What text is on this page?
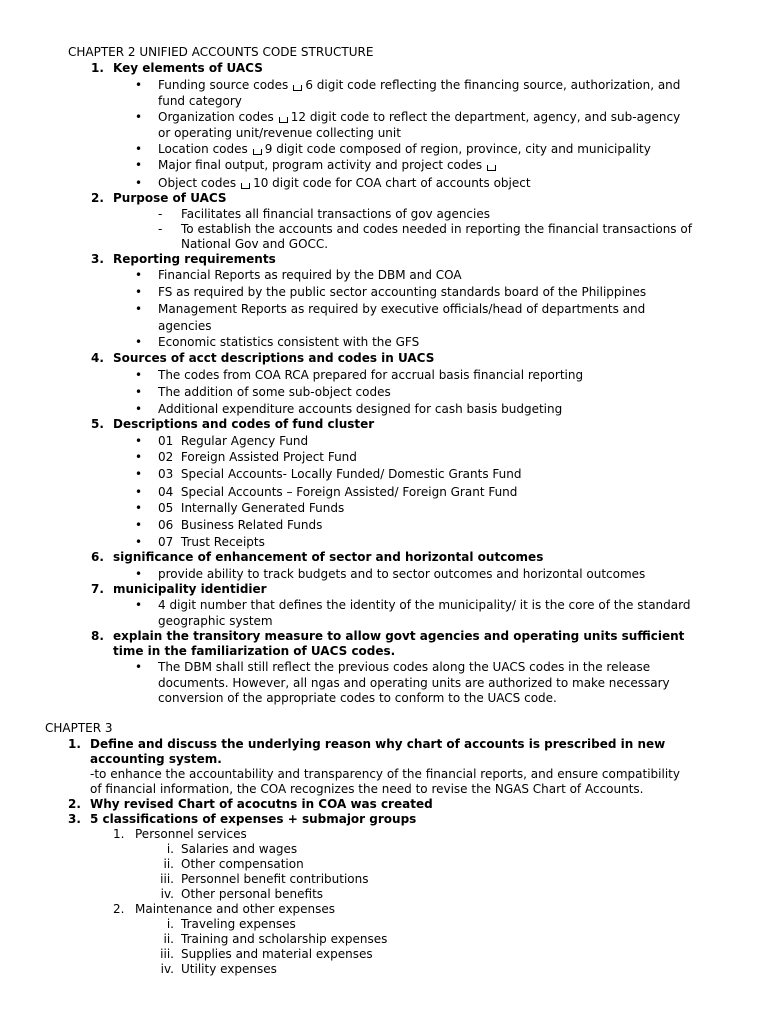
CHAPTER 2 UNIFIED ACCOUNTS CODE STRUCTURE
1. Key elements of UACS
• Funding source codes 6 digit code reflecting the financing source, authorization, and
fund category
• Organization codes 12 digit code to reflect the department, agency, and sub-agency
or operating unit/revenue collecting unit
• Location codes 9 digit code composed of region, province, city and municipality
• Major final output, program activity and project codes
• Object codes 10 digit code for COA chart of accounts object
2. Purpose of UACS
- Facilitates all financial transactions of gov agencies
- To establish the accounts and codes needed in reporting the financial transactions of
National Gov and GOCC.
3. Reporting requirements
• Financial Reports as required by the DBM and COA
• FS as required by the public sector accounting standards board of the Philippines
• Management Reports as required by executive officials/head of departments and
agencies
• Economic statistics consistent with the GFS
4. Sources of acct descriptions and codes in UACS
• The codes from COA RCA prepared for accrual basis financial reporting
• The addition of some sub-object codes
• Additional expenditure accounts designed for cash basis budgeting
5. Descriptions and codes of fund cluster
• 01  Regular Agency Fund
• 02  Foreign Assisted Project Fund
• 03  Special Accounts- Locally Funded/ Domestic Grants Fund
• 04  Special Accounts – Foreign Assisted/ Foreign Grant Fund
• 05  Internally Generated Funds
• 06  Business Related Funds
• 07  Trust Receipts
6. significance of enhancement of sector and horizontal outcomes
• provide ability to track budgets and to sector outcomes and horizontal outcomes
7. municipality identidier
• 4 digit number that defines the identity of the municipality/ it is the core of the standard
geographic system
8. explain the transitory measure to allow govt agencies and operating units sufficient
time in the familiarization of UACS codes.
• The DBM shall still reflect the previous codes along the UACS codes in the release
documents. However, all ngas and operating units are authorized to make necessary
conversion of the appropriate codes to conform to the UACS code.
CHAPTER 3
1. Define and discuss the underlying reason why chart of accounts is prescribed in new
accounting system.
-to enhance the accountability and transparency of the financial reports, and ensure compatibility
of financial information, the COA recognizes the need to revise the NGAS Chart of Accounts.
2. Why revised Chart of acocutns in COA was created
3. 5 classifications of expenses + submajor groups
1. Personnel services
i. Salaries and wages
ii. Other compensation
iii. Personnel benefit contributions
iv. Other personal benefits
2. Maintenance and other expenses
i. Traveling expenses
ii. Training and scholarship expenses
iii. Supplies and material expenses
iv. Utility expenses
